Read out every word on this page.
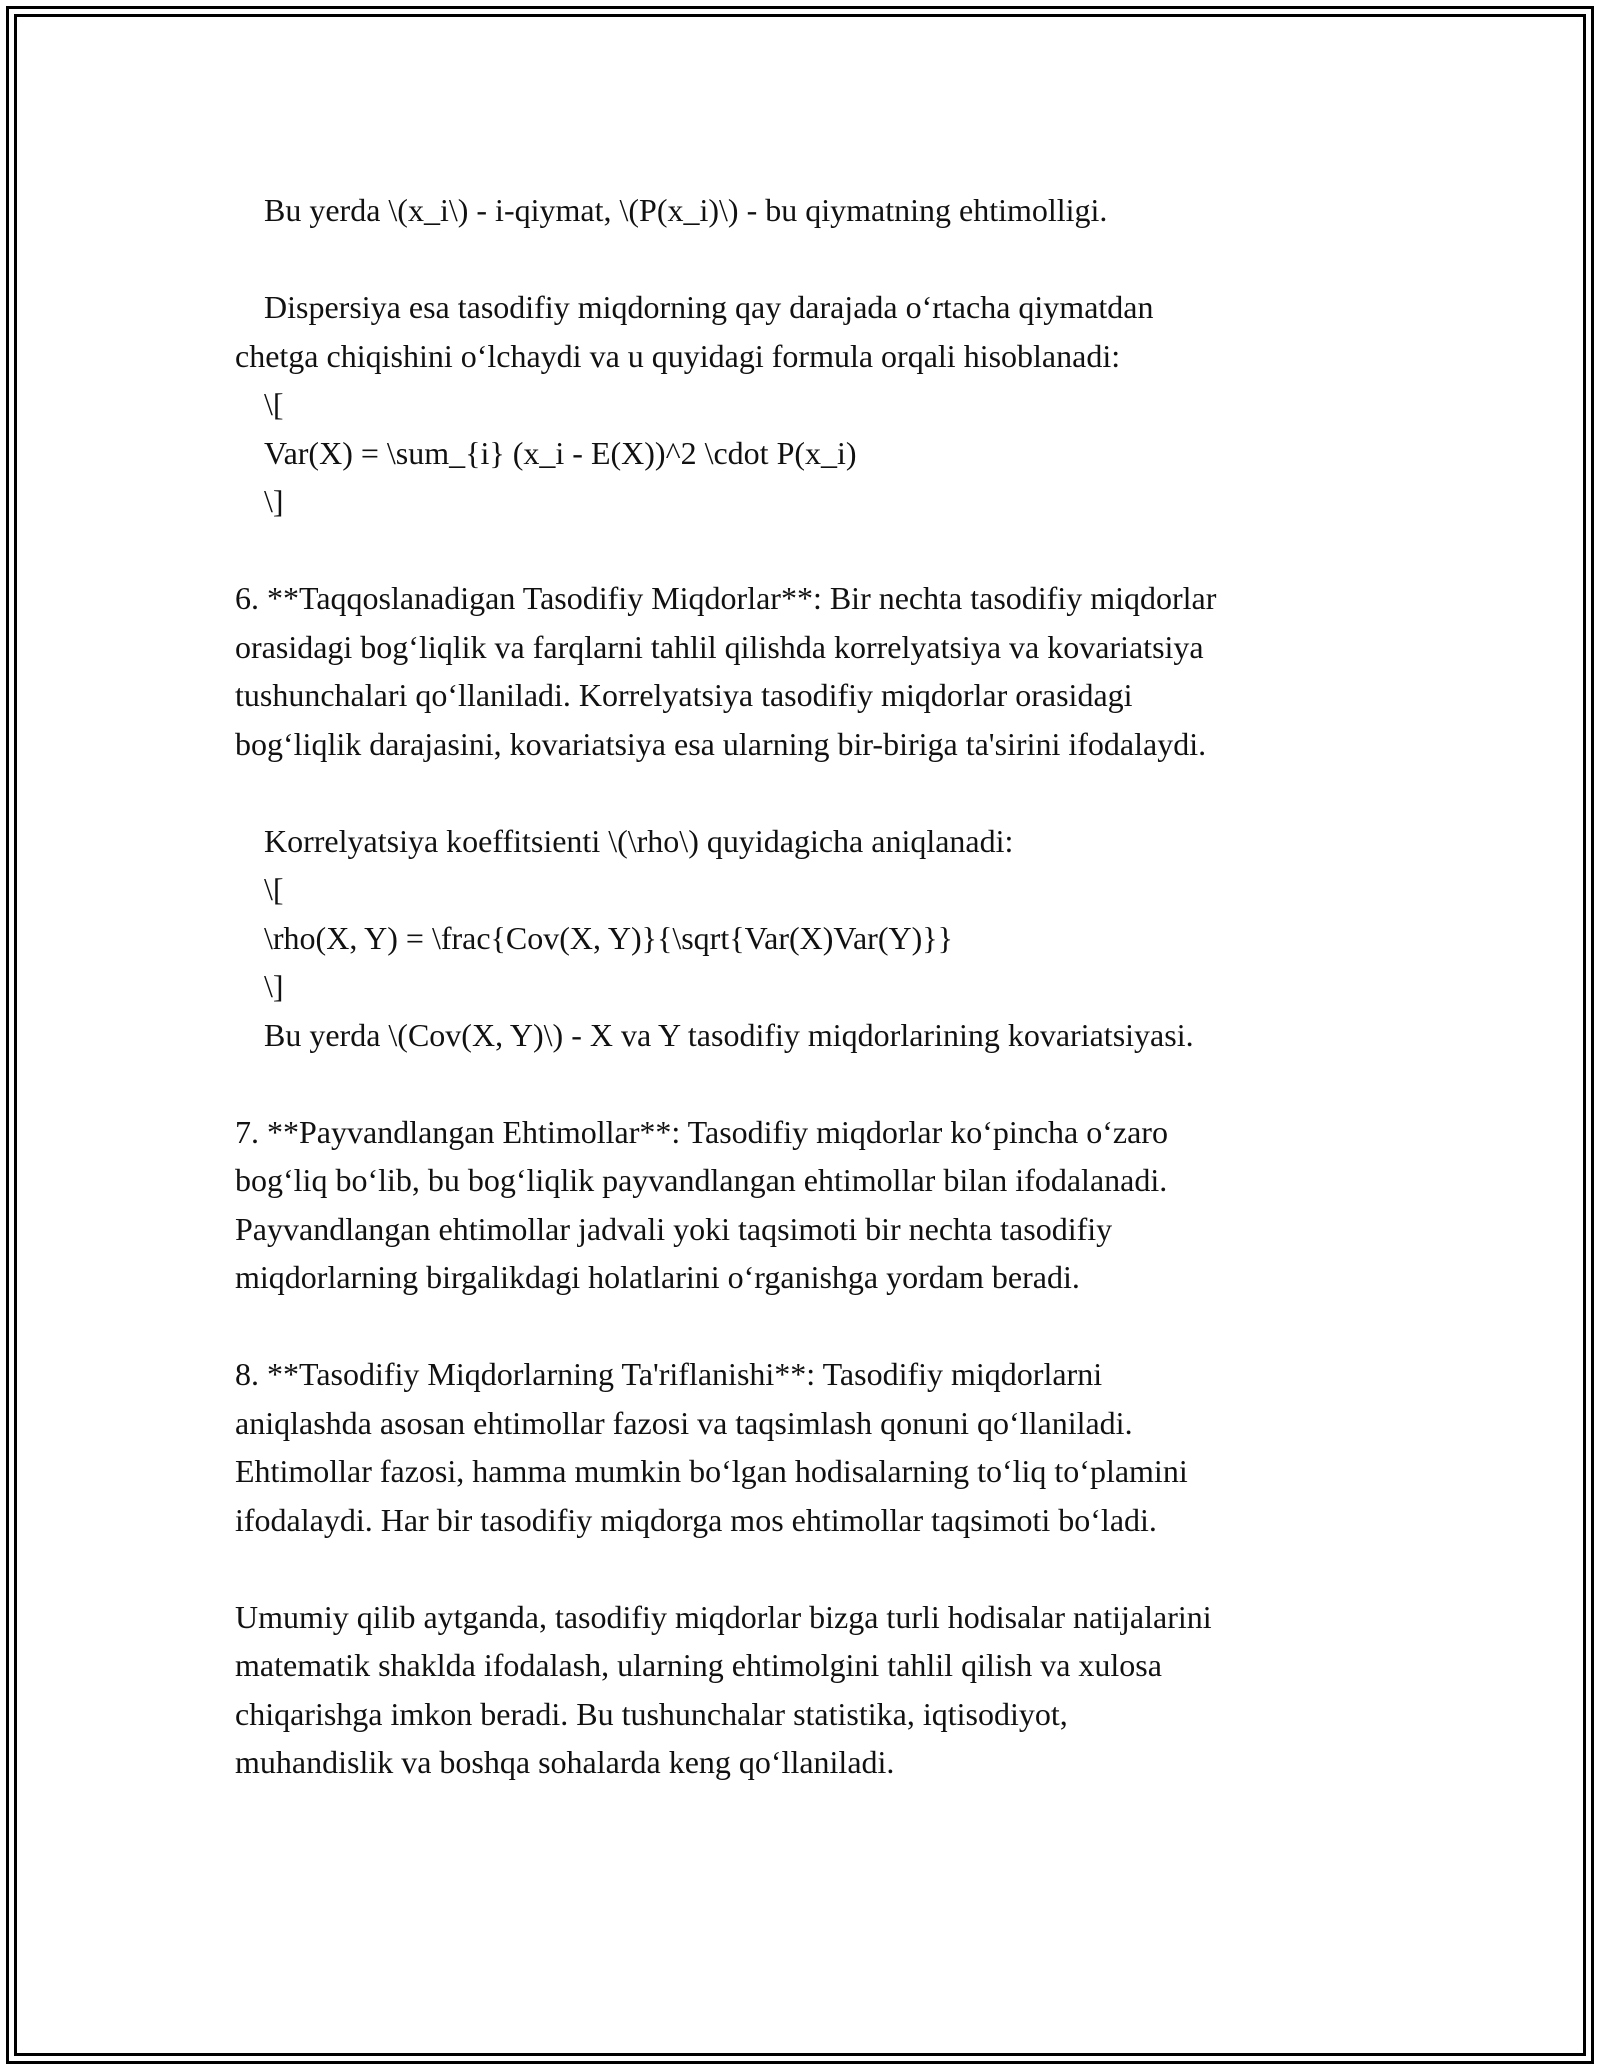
Bu yerda \(x_i\) - i-qiymat, \(P(x_i)\) - bu qiymatning ehtimolligi.
Dispersiya esa tasodifiy miqdorning qay darajada o‘rtacha qiymatdan
chetga chiqishini o‘lchaydi va u quyidagi formula orqali hisoblanadi:
\[
Var(X) = \sum_{i} (x_i - E(X))^2 \cdot P(x_i)
\]
6. **Taqqoslanadigan Tasodifiy Miqdorlar**: Bir nechta tasodifiy miqdorlar
orasidagi bog‘liqlik va farqlarni tahlil qilishda korrelyatsiya va kovariatsiya
tushunchalari qo‘llaniladi. Korrelyatsiya tasodifiy miqdorlar orasidagi
bog‘liqlik darajasini, kovariatsiya esa ularning bir-biriga ta'sirini ifodalaydi.
Korrelyatsiya koeffitsienti \(\rho\) quyidagicha aniqlanadi:
\[
\rho(X, Y) = \frac{Cov(X, Y)}{\sqrt{Var(X)Var(Y)}}
\]
Bu yerda \(Cov(X, Y)\) - X va Y tasodifiy miqdorlarining kovariatsiyasi.
7. **Payvandlangan Ehtimollar**: Tasodifiy miqdorlar ko‘pincha o‘zaro
bog‘liq bo‘lib, bu bog‘liqlik payvandlangan ehtimollar bilan ifodalanadi.
Payvandlangan ehtimollar jadvali yoki taqsimoti bir nechta tasodifiy
miqdorlarning birgalikdagi holatlarini o‘rganishga yordam beradi.
8. **Tasodifiy Miqdorlarning Ta'riflanishi**: Tasodifiy miqdorlarni
aniqlashda asosan ehtimollar fazosi va taqsimlash qonuni qo‘llaniladi.
Ehtimollar fazosi, hamma mumkin bo‘lgan hodisalarning to‘liq to‘plamini
ifodalaydi. Har bir tasodifiy miqdorga mos ehtimollar taqsimoti bo‘ladi.
Umumiy qilib aytganda, tasodifiy miqdorlar bizga turli hodisalar natijalarini
matematik shaklda ifodalash, ularning ehtimolgini tahlil qilish va xulosa
chiqarishga imkon beradi. Bu tushunchalar statistika, iqtisodiyot,
muhandislik va boshqa sohalarda keng qo‘llaniladi.
